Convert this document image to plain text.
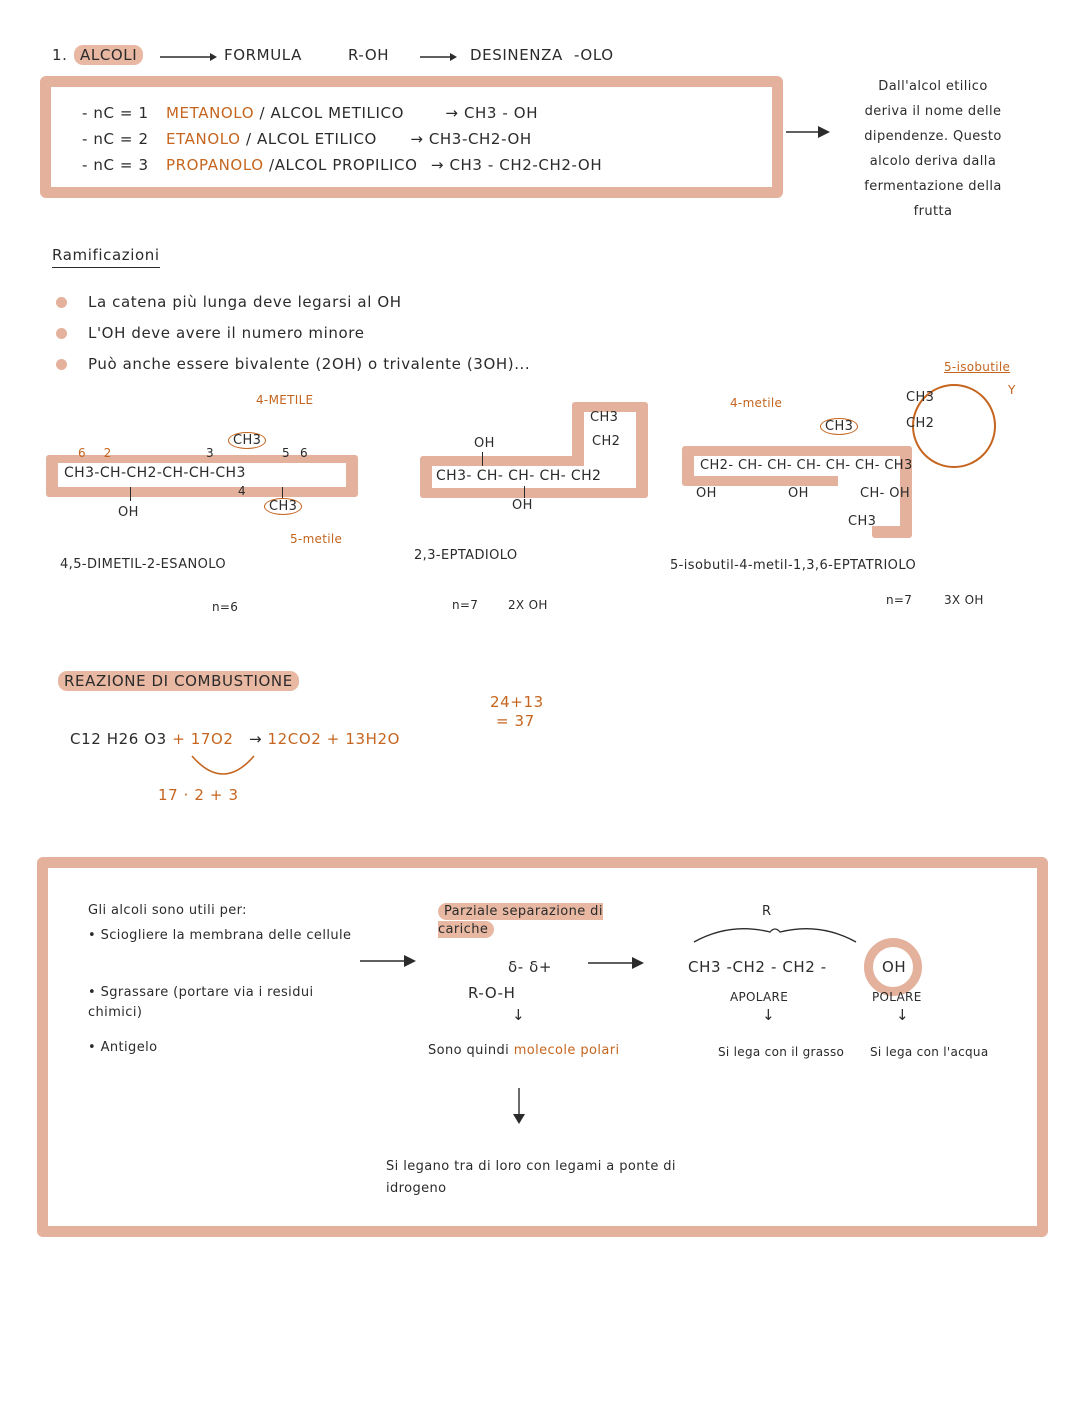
1. ALCOLI	FORMULA	R-OH	DESINENZA -OLO
- nC = 1 METANOLO / ALCOL METILICO	→ CH3 - OH
- nC = 2 ETANOLO / ALCOL ETILICO → CH3-CH2-OH
- nC = 3 PROPANOLO /ALCOL PROPILICO → CH3 - CH2-CH2-OH
Dall'alcol etilico
deriva il nome delle
dipendenze. Questo
alcolo deriva dalla
fermentazione della
frutta
Ramificazioni
La catena più lunga deve legarsi al OH
L'OH deve avere il numero minore
Può anche essere bivalente (2OH) o trivalente (3OH)...
4-METILE
62	3	5 6
CH3
CH3-CH-CH2-CH-CH-CH3
4
OH	CH3
5-metile
4,5-DIMETIL-2-ESANOLO
n=6
CH3
CH2
OH
CH3- CH- CH- CH- CH2
OH
2,3-EPTADIOLO
n=7 2X OH
4-metile
5-isobutile
Y
CH3
CH2
CH3
CH2- CH- CH- CH- CH- CH- CH3
OH	OH	CH- OH
CH3
5-isobutil-4-metil-1,3,6-EPTATRIOLO
n=7	3X OH
REAZIONE DI COMBUSTIONE
24+13
= 37
C12 H26 O3 + 17O2 → 12CO2 + 13H2O
17 · 2 + 3
Gli alcoli sono utili per:
• Sciogliere la membrana delle cellule
• Sgrassare (portare via i residui chimici)
• Antigelo
Parziale separazione di cariche
δ- δ+
R-O-H
↓
Sono quindi molecole polari
Si legano tra di loro con legami a ponte di idrogeno
R
CH3 -CH2 - CH2 -	OH
APOLARE	POLARE
↓	↓
Si lega con il grasso	Si lega con l'acqua
